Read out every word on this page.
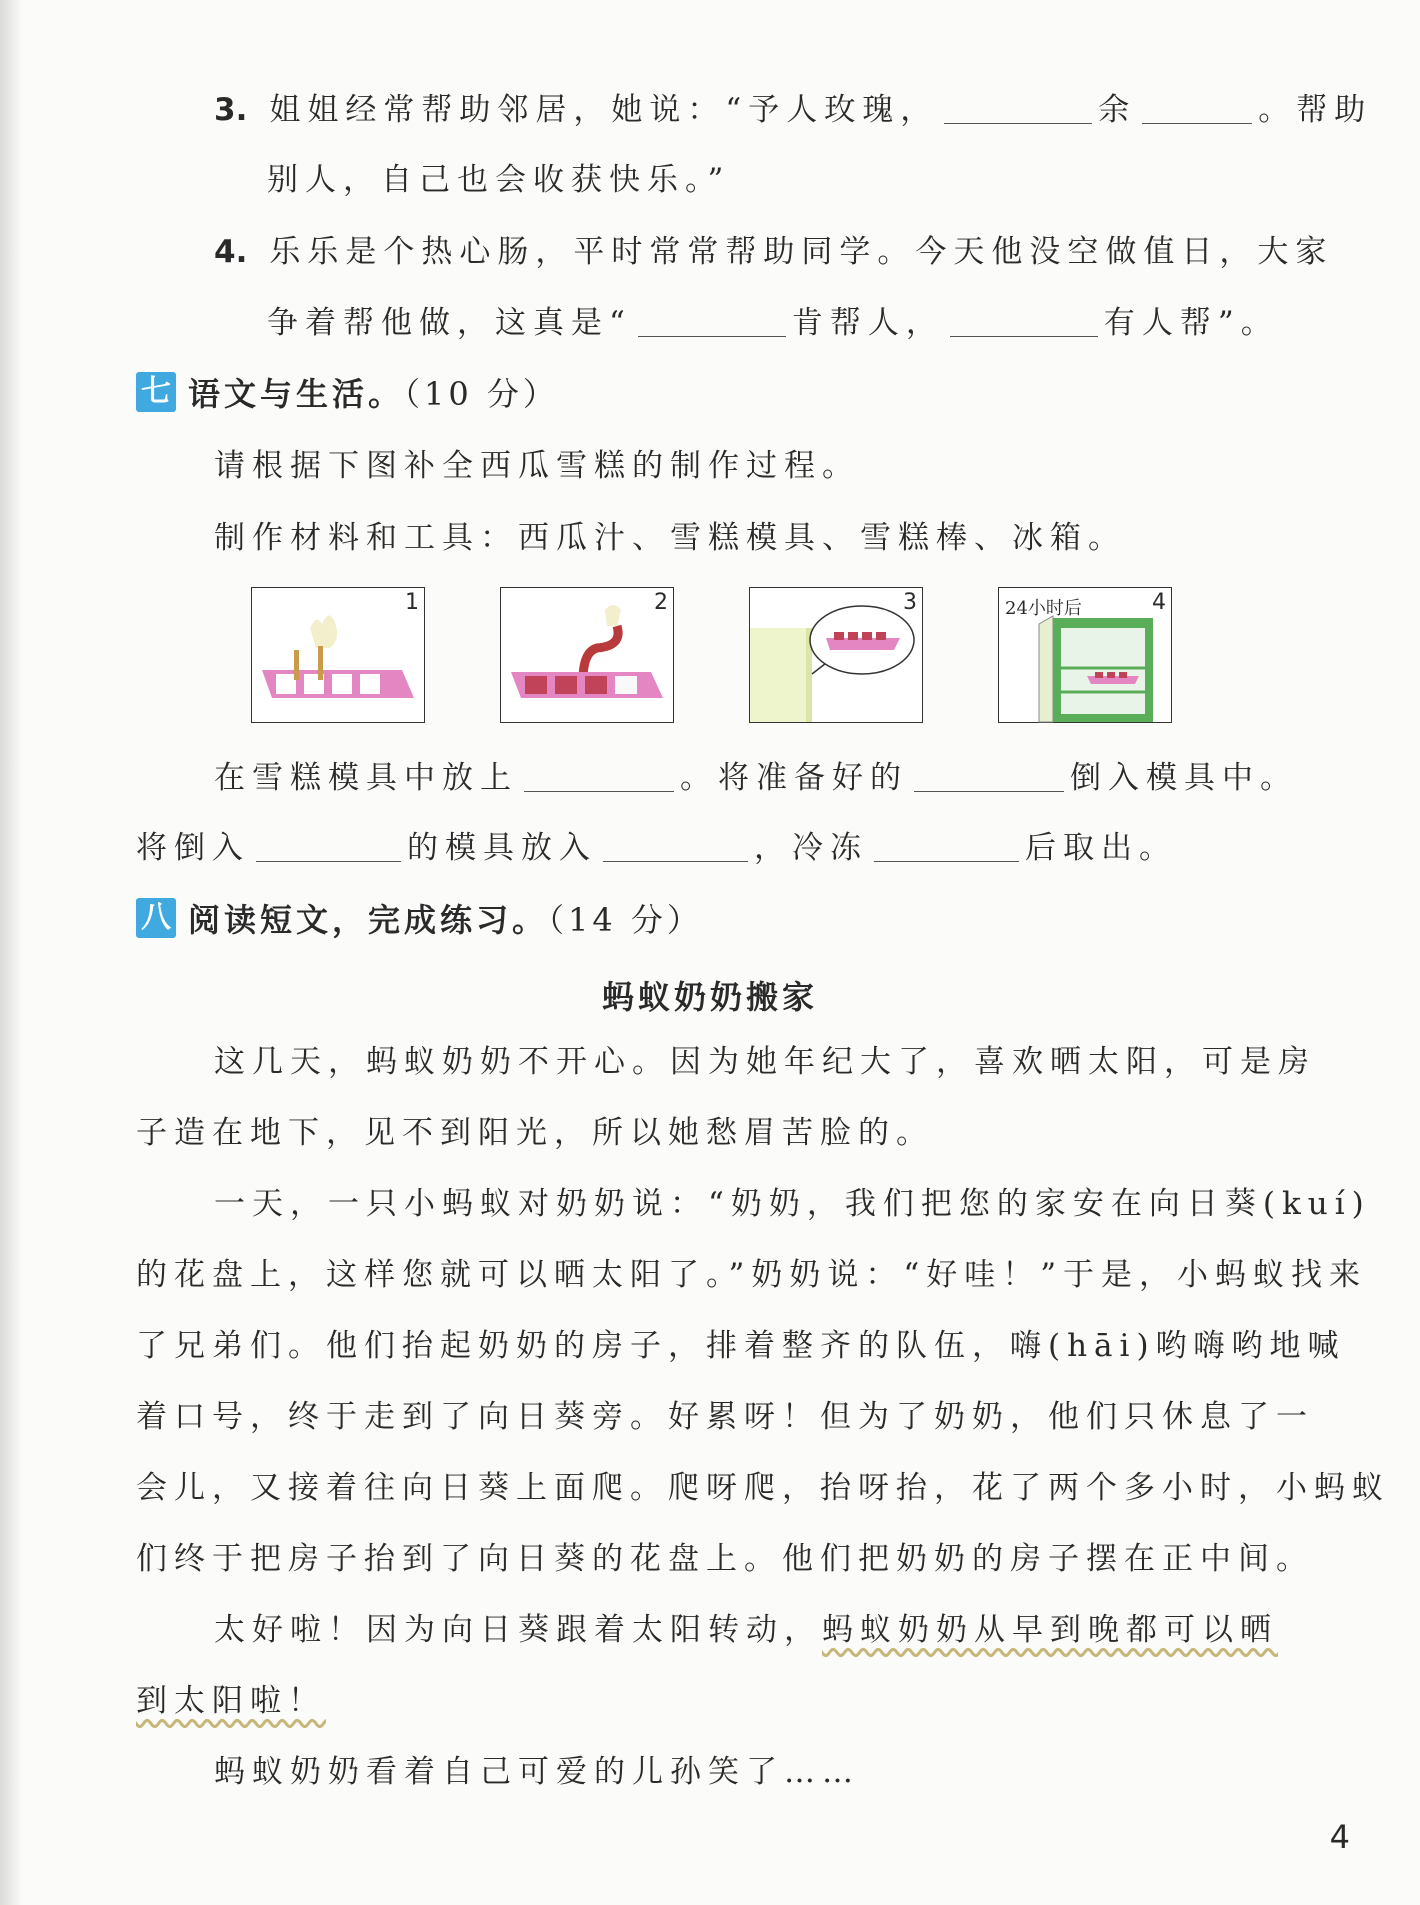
3. 姐姐经常帮助邻居，她说：“予人玫瑰，	余	。帮助
别人，自己也会收获快乐。”
4. 乐乐是个热心肠，平时常常帮助同学。今天他没空做值日，大家
争着帮他做，这真是“	肯帮人，	有人帮”。
七 语文与生活。（10 分）
请根据下图补全西瓜雪糕的制作过程。
制作材料和工具：西瓜汁、雪糕模具、雪糕棒、冰箱。
1	2	3	24小时后	4
在雪糕模具中放上	。将准备好的	倒入模具中。
将倒入	的模具放入	，冷冻	后取出。
八 阅读短文，完成练习。（14 分）
蚂蚁奶奶搬家
这几天，蚂蚁奶奶不开心。因为她年纪大了，喜欢晒太阳，可是房
子造在地下，见不到阳光，所以她愁眉苦脸的。
一天，一只小蚂蚁对奶奶说：“奶奶，我们把您的家安在向日葵(kuí)
的花盘上，这样您就可以晒太阳了。”奶奶说：“好哇！”于是，小蚂蚁找来
了兄弟们。他们抬起奶奶的房子，排着整齐的队伍，嗨(hāi)哟嗨哟地喊
着口号，终于走到了向日葵旁。好累呀！但为了奶奶，他们只休息了一
会儿，又接着往向日葵上面爬。爬呀爬，抬呀抬，花了两个多小时，小蚂蚁
们终于把房子抬到了向日葵的花盘上。他们把奶奶的房子摆在正中间。
太好啦！因为向日葵跟着太阳转动，蚂蚁奶奶从早到晚都可以晒
到太阳啦！
蚂蚁奶奶看着自己可爱的儿孙笑了……
4
